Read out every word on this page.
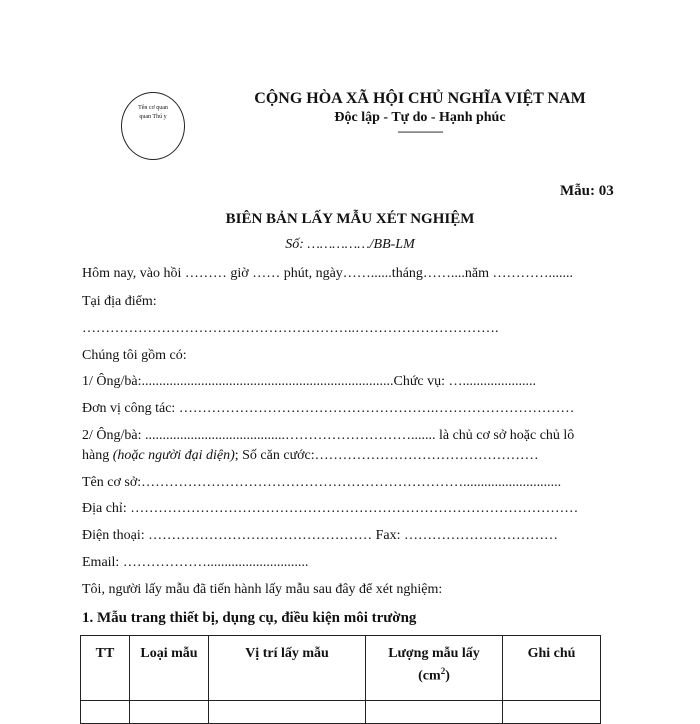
Tên cơ quan
quan Thú y
CỘNG HÒA XÃ HỘI CHỦ NGHĨA VIỆT NAM
Độc lập - Tự do - Hạnh phúc
---------------
Mẫu: 03
BIÊN BẢN LẤY MẪU XÉT NGHIỆM
Số: ……………/BB-LM
Hôm nay, vào hồi ……… giờ …… phút, ngày……......tháng……....năm ………….......
Tại địa điểm:
…………………………………………………..………………………….
Chúng tôi gồm có:
1/ Ông/bà:........................................................................Chức vụ: ….....................
Đơn vị công tác: ……………………………………………….…………………………
2/ Ông/bà: ........................................………………………....... là chủ cơ sở hoặc chủ lô
hàng (hoặc người đại diện); Số căn cước:…………………………………………
Tên cơ sở:……………………………………………………………............................
Địa chỉ: ……………………………………………………………………………………
Điện thoại: ………………………………………… Fax: ……………………………
Email: ……………….............................
Tôi, người lấy mẫu đã tiến hành lấy mẫu sau đây để xét nghiệm:
1. Mẫu trang thiết bị, dụng cụ, điều kiện môi trường
TT	Loại mẫu	Vị trí lấy mẫu	Lượng mẫu lấy
$(cm^2)$	Ghi chú
